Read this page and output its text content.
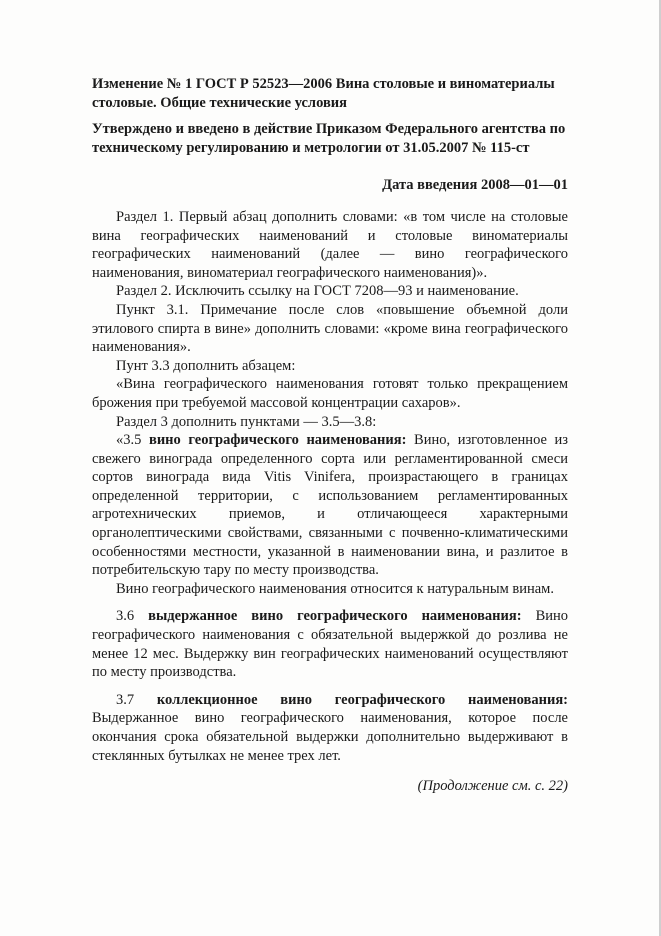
Изменение № 1 ГОСТ Р 52523—2006 Вина столовые и виноматериалы столовые. Общие технические условия

Утверждено и введено в действие Приказом Федерального агентства по техническому регулированию и метрологии от 31.05.2007 № 115-ст

Дата введения 2008—01—01

Раздел 1. Первый абзац дополнить словами: «в том числе на столовые вина географических наименований и столовые виноматериалы географических наименований (далее — вино географического наименования, виноматериал географического наименования)».

Раздел 2. Исключить ссылку на ГОСТ 7208—93 и наименование.

Пункт 3.1. Примечание после слов «повышение объемной доли этилового спирта в вине» дополнить словами: «кроме вина географического наименования».

Пунт 3.3 дополнить абзацем:

«Вина географического наименования готовят только прекращением брожения при требуемой массовой концентрации сахаров».

Раздел 3 дополнить пунктами — 3.5—3.8:

«3.5 вино географического наименования: Вино, изготовленное из свежего винограда определенного сорта или регламентированной смеси сортов винограда вида Vitis Vinifera, произрастающего в границах определенной территории, с использованием регламентированных агротехнических приемов, и отличающееся характерными органолептическими свойствами, связанными с почвенно-климатическими особенностями местности, указанной в наименовании вина, и разлитое в потребительскую тару по месту производства.

Вино географического наименования относится к натуральным винам.

3.6 выдержанное вино географического наименования: Вино географического наименования с обязательной выдержкой до розлива не менее 12 мес. Выдержку вин географических наименований осуществляют по месту производства.

3.7 коллекционное вино географического наименования: Выдержанное вино географического наименования, которое после окончания срока обязательной выдержки дополнительно выдерживают в стеклянных бутылках не менее трех лет.

(Продолжение см. с. 22)
